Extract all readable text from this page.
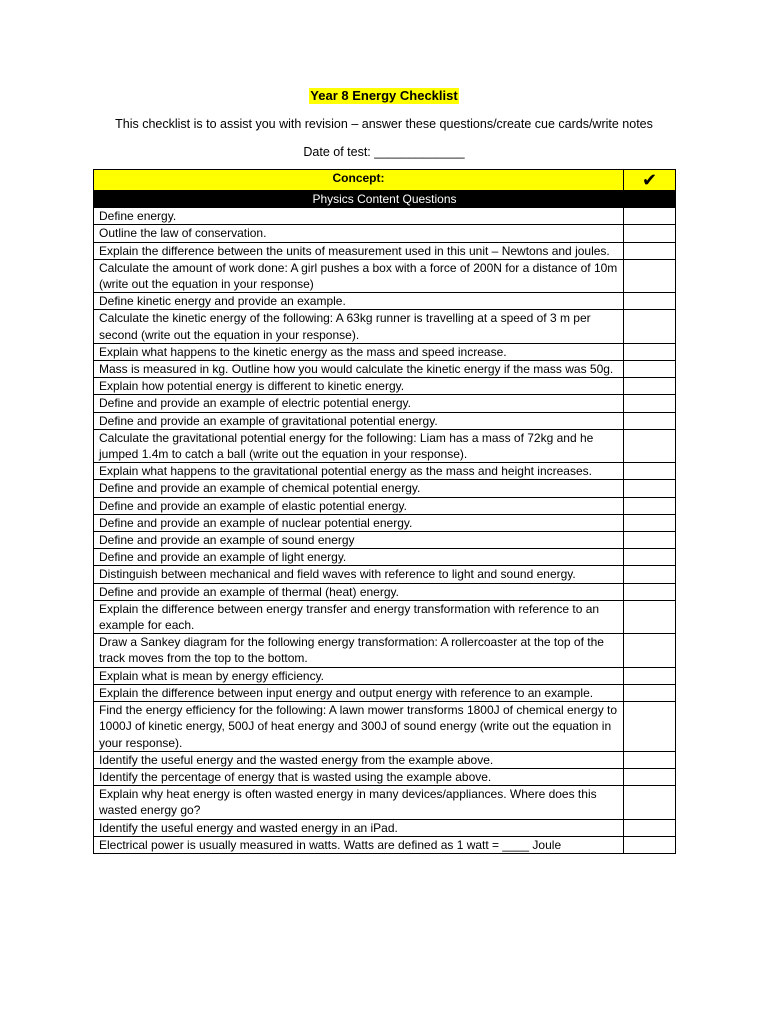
Year 8 Energy Checklist
This checklist is to assist you with revision – answer these questions/create cue cards/write notes
Date of test: _____________
Concept:	✔
Physics Content Questions	
Define energy.	
Outline the law of conservation.	
Explain the difference between the units of measurement used in this unit – Newtons and joules.	
Calculate the amount of work done: A girl pushes a box with a force of 200N for a distance of 10m (write out the equation in your response)	
Define kinetic energy and provide an example.	
Calculate the kinetic energy of the following: A 63kg runner is travelling at a speed of 3 m per second (write out the equation in your response).	
Explain what happens to the kinetic energy as the mass and speed increase.	
Mass is measured in kg. Outline how you would calculate the kinetic energy if the mass was 50g.	
Explain how potential energy is different to kinetic energy.	
Define and provide an example of electric potential energy.	
Define and provide an example of gravitational potential energy.	
Calculate the gravitational potential energy for the following: Liam has a mass of 72kg and he jumped 1.4m to catch a ball (write out the equation in your response).	
Explain what happens to the gravitational potential energy as the mass and height increases.	
Define and provide an example of chemical potential energy.	
Define and provide an example of elastic potential energy.	
Define and provide an example of nuclear potential energy.	
Define and provide an example of sound energy	
Define and provide an example of light energy.	
Distinguish between mechanical and field waves with reference to light and sound energy.	
Define and provide an example of thermal (heat) energy.	
Explain the difference between energy transfer and energy transformation with reference to an example for each.	
Draw a Sankey diagram for the following energy transformation: A rollercoaster at the top of the track moves from the top to the bottom.	
Explain what is mean by energy efficiency.	
Explain the difference between input energy and output energy with reference to an example.	
Find the energy efficiency for the following: A lawn mower transforms 1800J of chemical energy to 1000J of kinetic energy, 500J of heat energy and 300J of sound energy (write out the equation in your response).	
Identify the useful energy and the wasted energy from the example above.	
Identify the percentage of energy that is wasted using the example above.	
Explain why heat energy is often wasted energy in many devices/appliances. Where does this wasted energy go?	
Identify the useful energy and wasted energy in an iPad.	
Electrical power is usually measured in watts. Watts are defined as 1 watt = ____ Joule	
